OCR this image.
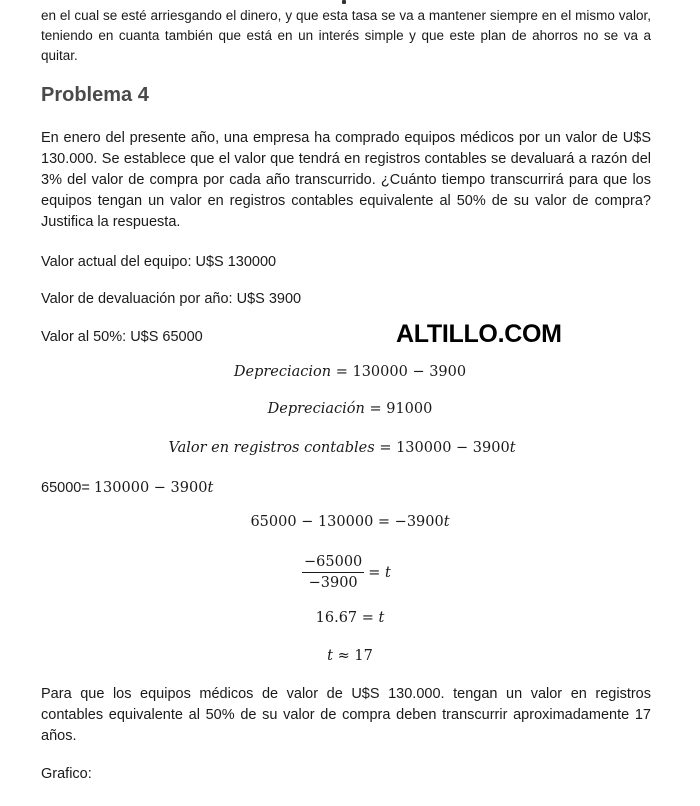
en el cual se esté arriesgando el dinero, y que esta tasa se va a mantener siempre en el mismo valor, teniendo en cuanta también que está en un interés simple y que este plan de ahorros no se va a quitar.

Problema 4

En enero del presente año, una empresa ha comprado equipos médicos por un valor de U$S 130.000. Se establece que el valor que tendrá en registros contables se devaluará a razón del 3% del valor de compra por cada año transcurrido. ¿Cuánto tiempo transcurrirá para que los equipos tengan un valor en registros contables equivalente al 50% de su valor de compra? Justifica la respuesta.

Valor actual del equipo: U$S 130000
Valor de devaluación por año: U$S 3900
Valor al 50%: U$S 65000	ALTILLO.COM
Depreciacion = 130000 − 3900
Depreciación = 91000
Valor en registros contables = 130000 − 3900t
65000= 130000 − 3900t
65000 − 130000 = −3900t
$\frac{-65000}{-3900} = t$
16.67 = t
t ≈ 17

Para que los equipos médicos de valor de U$S 130.000. tengan un valor en registros contables equivalente al 50% de su valor de compra deben transcurrir aproximadamente 17 años.

Grafico:
